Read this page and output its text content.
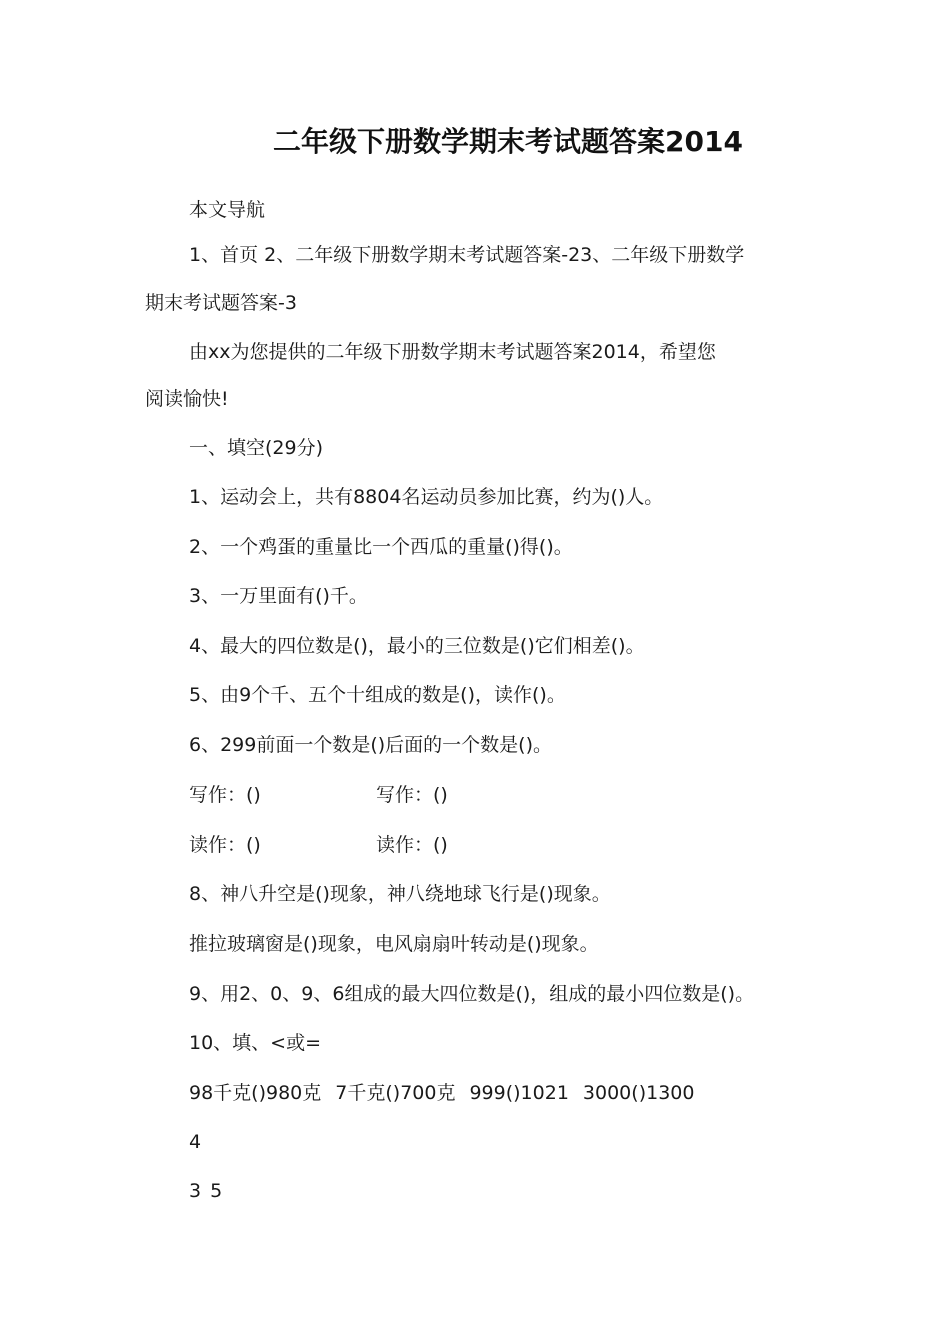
二年级下册数学期末考试题答案2014
本文导航
1、首页 2、二年级下册数学期末考试题答案-23、二年级下册数学
期末考试题答案-3
由xx为您提供的二年级下册数学期末考试题答案2014，希望您
阅读愉快!
一、填空(29分)
1、运动会上，共有8804名运动员参加比赛，约为()人。
2、一个鸡蛋的重量比一个西瓜的重量()得()。
3、一万里面有()千。
4、最大的四位数是()，最小的三位数是()它们相差()。
5、由9个千、五个十组成的数是()，读作()。
6、299前面一个数是()后面的一个数是()。
写作：()	写作：()
读作：()	读作：()
8、神八升空是()现象，神八绕地球飞行是()现象。
推拉玻璃窗是()现象，电风扇扇叶转动是()现象。
9、用2、0、9、6组成的最大四位数是()，组成的最小四位数是()。
10、填、<或=
98千克()980克 7千克()700克 999()1021 3000()1300
4
3 5
